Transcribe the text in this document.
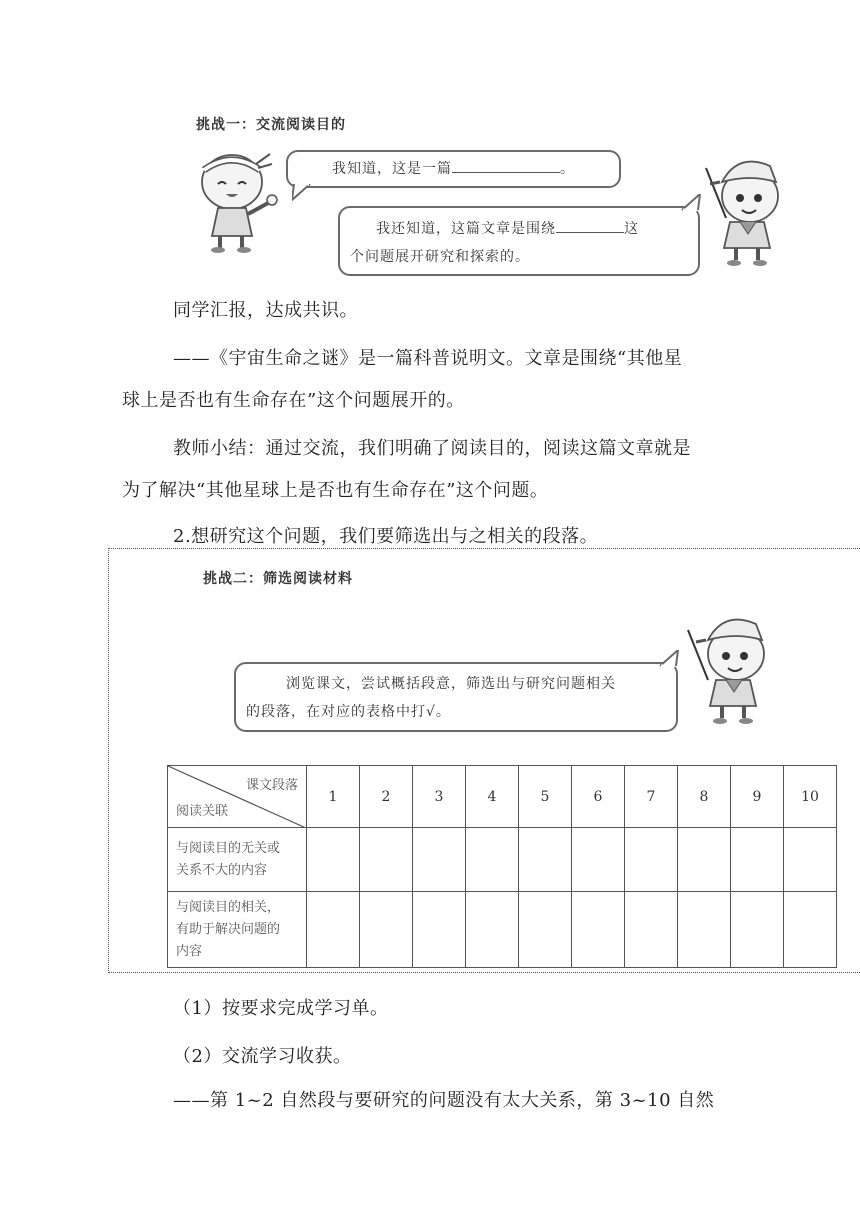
挑战一：交流阅读目的
我知道，这是一篇	。
我还知道，这篇文章是围绕	这
个问题展开研究和探索的。
同学汇报，达成共识。
——《宇宙生命之谜》是一篇科普说明文。文章是围绕“其他星
球上是否也有生命存在”这个问题展开的。
教师小结：通过交流，我们明确了阅读目的，阅读这篇文章就是
为了解决“其他星球上是否也有生命存在”这个问题。
2.想研究这个问题，我们要筛选出与之相关的段落。
挑战二：筛选阅读材料
浏览课文，尝试概括段意，筛选出与研究问题相关
的段落，在对应的表格中打√。
课文段落
阅读关联	1	2	3	4	5	6	7	8	9	10

与阅读目的无关或
关系不大的内容										

与阅读目的相关，
有助于解决问题的
内容										

（1）按要求完成学习单。
（2）交流学习收获。
——第 1~2 自然段与要研究的问题没有太大关系，第 3~10 自然
